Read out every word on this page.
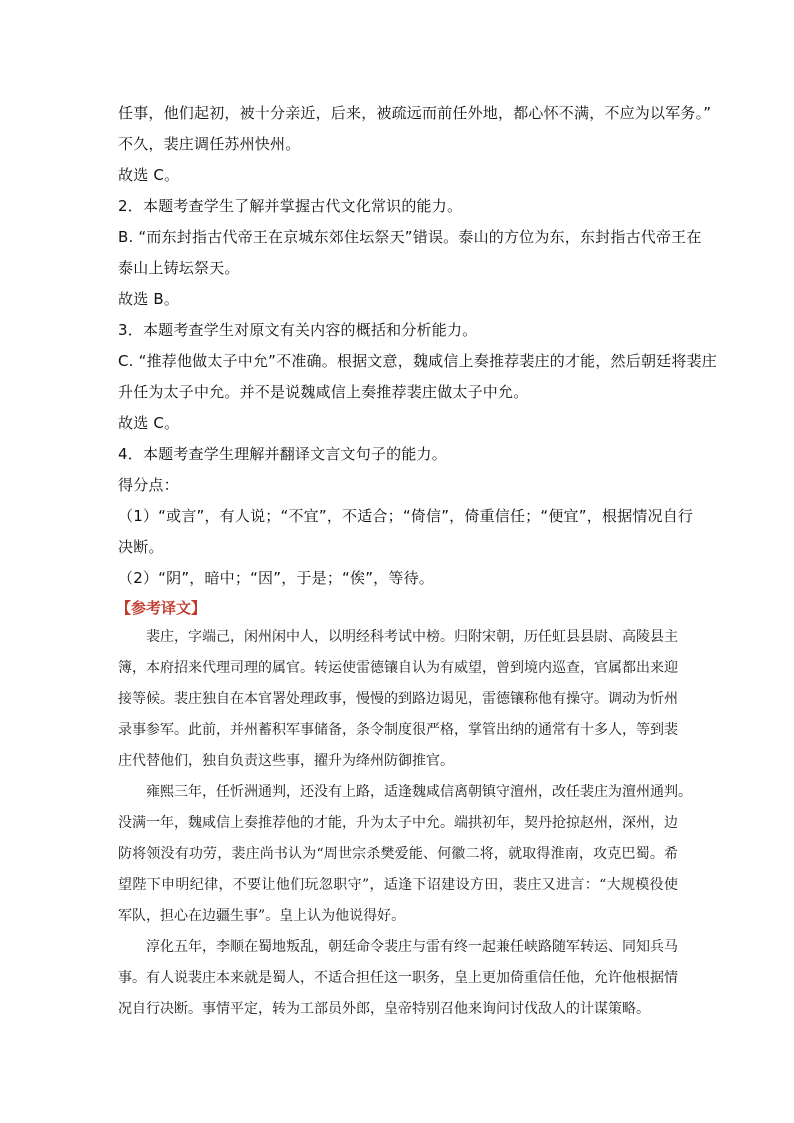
任事，他们起初，被十分亲近，后来，被疏远而前任外地，都心怀不满，不应为以军务。”
不久，裴庄调任苏州快州。
故选 C。
2．本题考查学生了解并掌握古代文化常识的能力。
B. “而东封指古代帝王在京城东郊住坛祭天”错误。泰山的方位为东，东封指古代帝王在
泰山上铸坛祭天。
故选 B。
3．本题考查学生对原文有关内容的概括和分析能力。
C. “推荐他做太子中允”不准确。根据文意，魏咸信上奏推荐裴庄的才能，然后朝廷将裴庄
升任为太子中允。并不是说魏咸信上奏推荐裴庄做太子中允。
故选 C。
4．本题考查学生理解并翻译文言文句子的能力。
得分点：
（1）“或言”，有人说；“不宜”，不适合；“倚信”，倚重信任；“便宜”，根据情况自行
决断。
（2）“阴”，暗中；“因”，于是；“俟”，等待。
【参考译文】
裴庄，字端己，闲州闲中人，以明经科考试中榜。归附宋朝，历任虹县县尉、高陵县主
簿，本府招来代理司理的属官。转运使雷德镶自认为有威望，曾到境内巡查，官属都出来迎
接等候。裴庄独自在本官署处理政事，慢慢的到路边谒见，雷德镶称他有操守。调动为忻州
录事参军。此前，并州蓄积军事储备，条令制度很严格，掌管出纳的通常有十多人，等到裴
庄代替他们，独自负责这些事，擢升为绛州防御推官。
雍熙三年，任忻洲通判，还没有上路，适逢魏咸信离朝镇守澶州，改任裴庄为澶州通判。
没满一年，魏咸信上奏推荐他的才能，升为太子中允。端拱初年，契丹抢掠赵州，深州，边
防将领没有功劳，裴庄尚书认为“周世宗杀樊爱能、何徽二将，就取得淮南，攻克巴蜀。希
望陛下申明纪律，不要让他们玩忽职守”，适逢下诏建设方田，裴庄又进言：“大规模役使
军队，担心在边疆生事”。皇上认为他说得好。
淳化五年，李顺在蜀地叛乱，朝廷命令裴庄与雷有终一起兼任峡路随军转运、同知兵马
事。有人说裴庄本来就是蜀人，不适合担任这一职务，皇上更加倚重信任他，允许他根据情
况自行决断。事情平定，转为工部员外郎，皇帝特别召他来询问讨伐敌人的计谋策略。
